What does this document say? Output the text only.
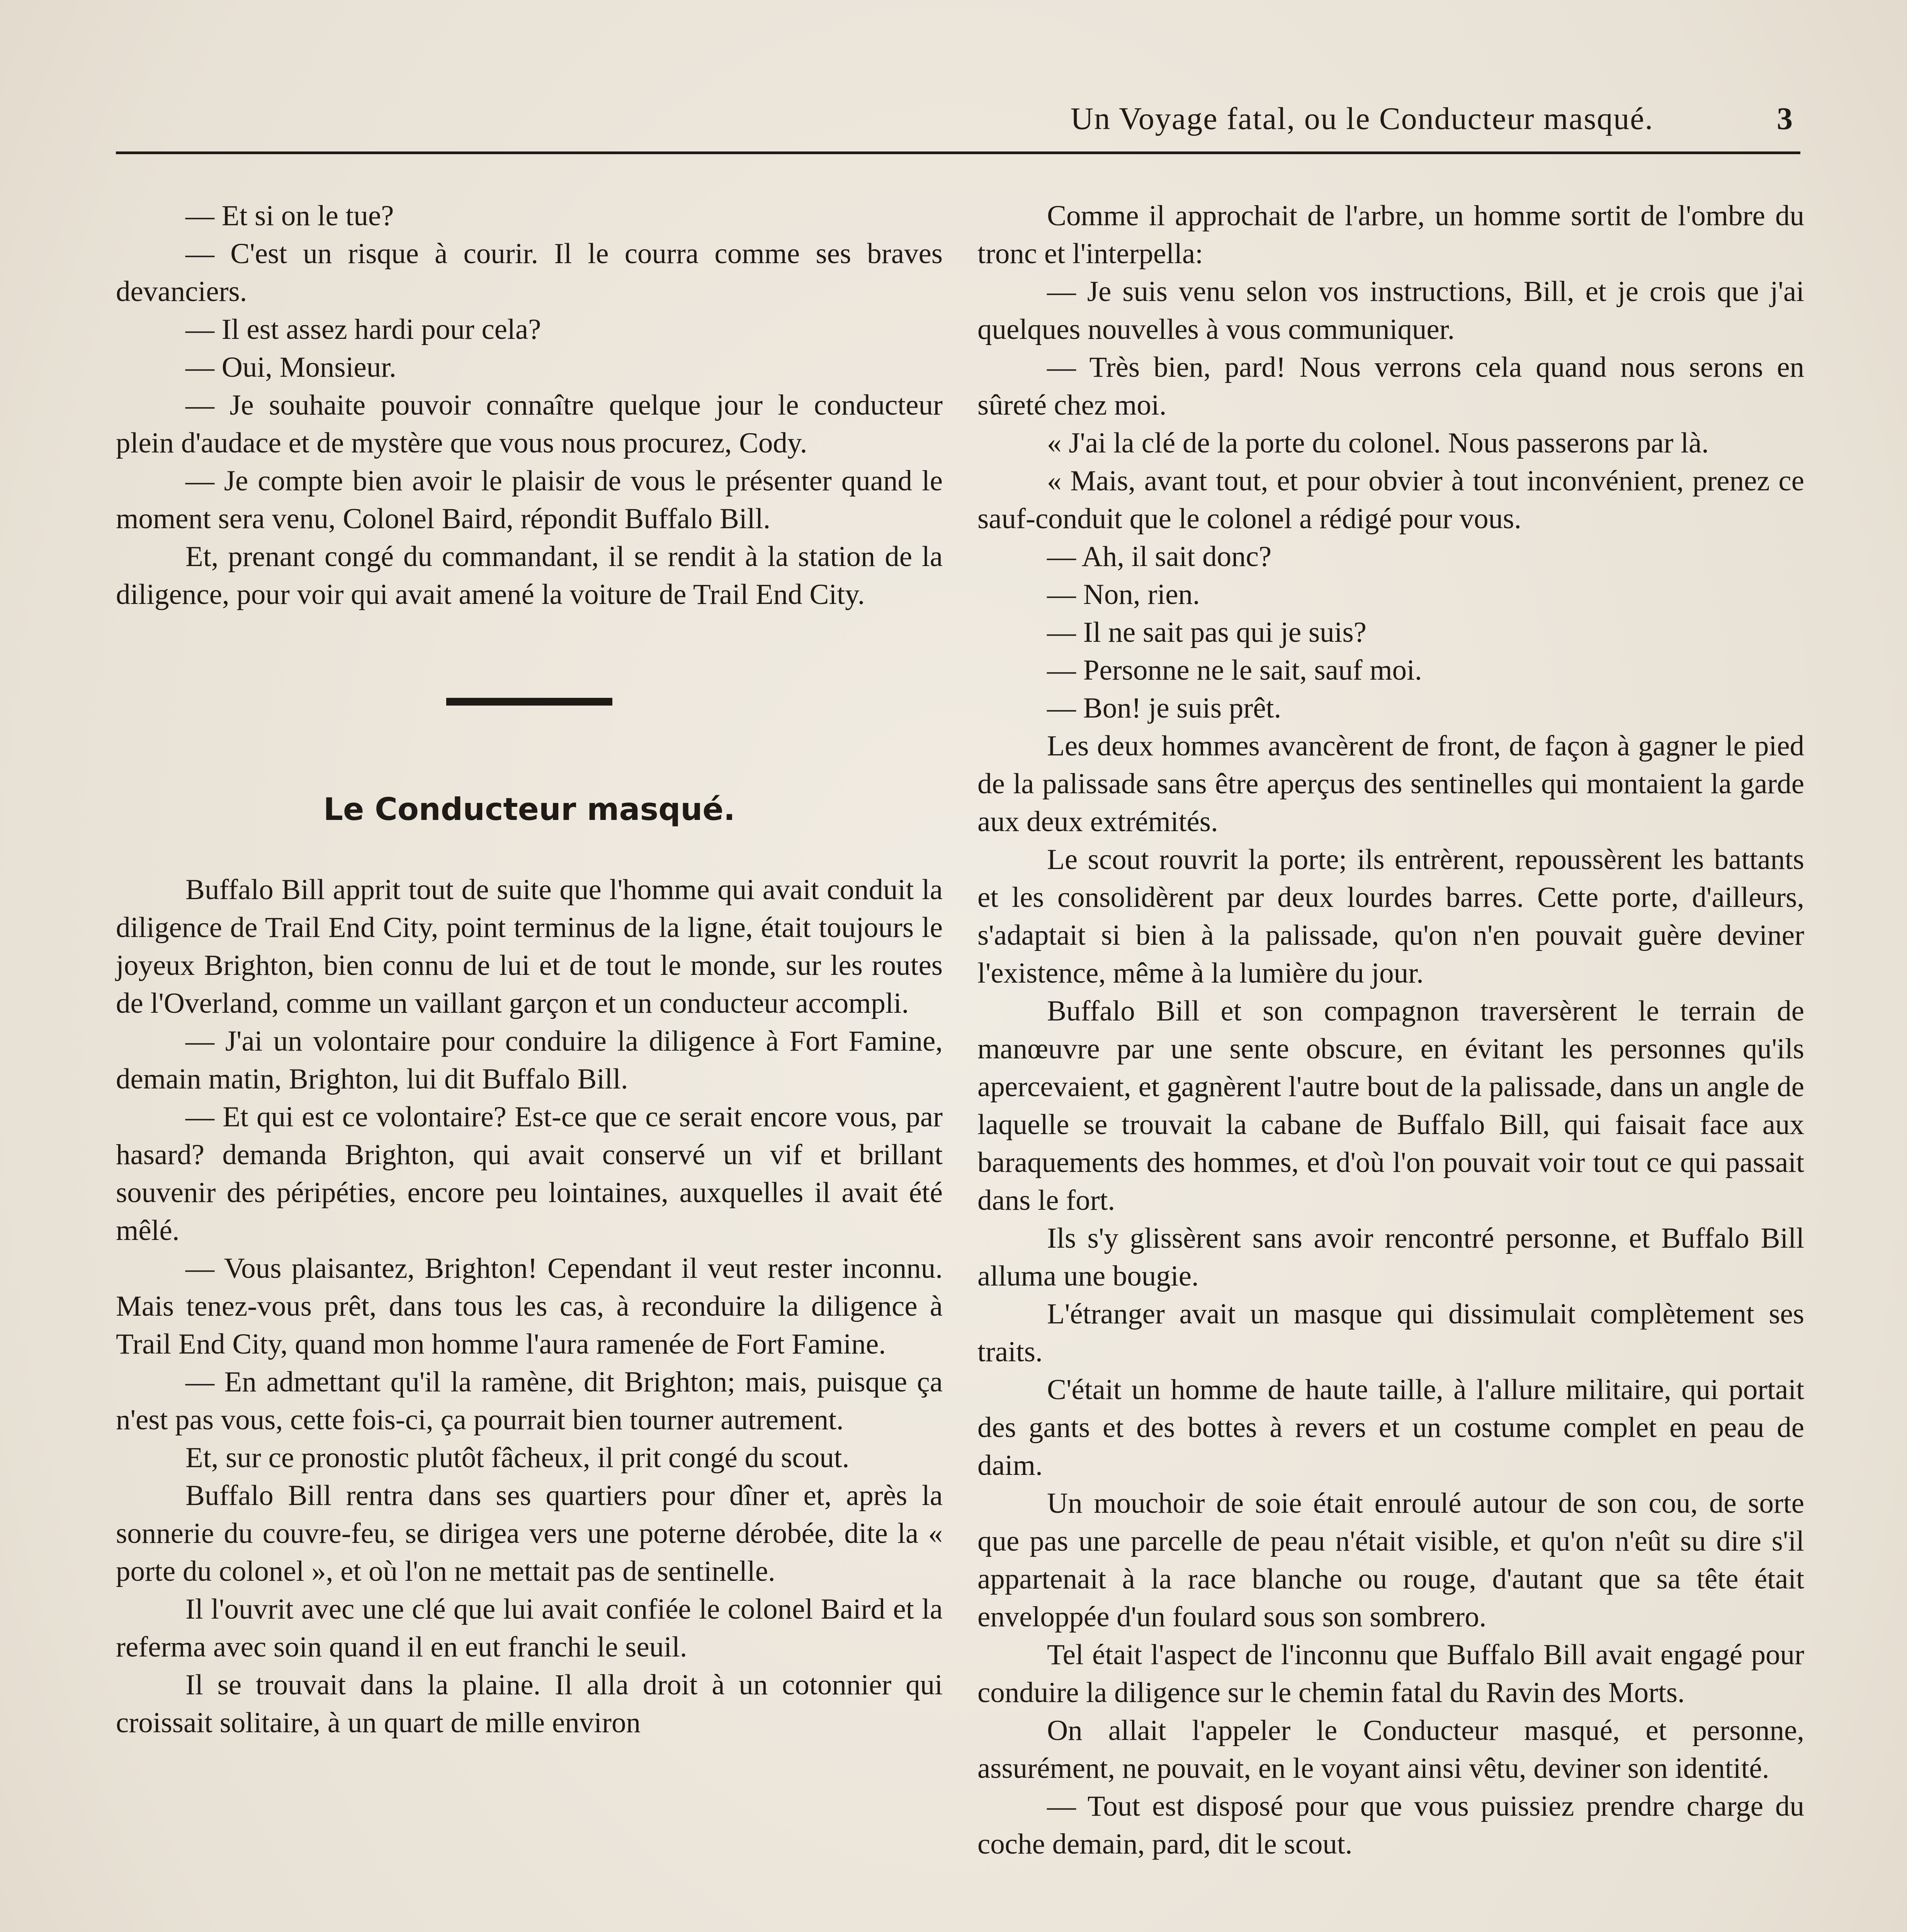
Un Voyage fatal, ou le Conducteur masqué.	3

— Et si on le tue?

— C'est un risque à courir. Il le courra comme ses braves devanciers.

— Il est assez hardi pour cela?

— Oui, Monsieur.

— Je souhaite pouvoir connaître quelque jour le conducteur plein d'audace et de mystère que vous nous procurez, Cody.

— Je compte bien avoir le plaisir de vous le présenter quand le moment sera venu, Colonel Baird, répondit Buffalo Bill.

Et, prenant congé du commandant, il se rendit à la station de la diligence, pour voir qui avait amené la voiture de Trail End City.

Le Conducteur masqué.

Buffalo Bill apprit tout de suite que l'homme qui avait conduit la diligence de Trail End City, point terminus de la ligne, était toujours le joyeux Brighton, bien connu de lui et de tout le monde, sur les routes de l'Overland, comme un vaillant garçon et un conducteur accompli.

— J'ai un volontaire pour conduire la diligence à Fort Famine, demain matin, Brighton, lui dit Buffalo Bill.

— Et qui est ce volontaire? Est-ce que ce serait encore vous, par hasard? demanda Brighton, qui avait conservé un vif et brillant souvenir des péripéties, encore peu lointaines, auxquelles il avait été mêlé.

— Vous plaisantez, Brighton! Cependant il veut rester inconnu. Mais tenez-vous prêt, dans tous les cas, à reconduire la diligence à Trail End City, quand mon homme l'aura ramenée de Fort Famine.

— En admettant qu'il la ramène, dit Brighton; mais, puisque ça n'est pas vous, cette fois-ci, ça pourrait bien tourner autrement.

Et, sur ce pronostic plutôt fâcheux, il prit congé du scout.

Buffalo Bill rentra dans ses quartiers pour dîner et, après la sonnerie du couvre-feu, se dirigea vers une poterne dérobée, dite la « porte du colonel », et où l'on ne mettait pas de sentinelle.

Il l'ouvrit avec une clé que lui avait confiée le colonel Baird et la referma avec soin quand il en eut franchi le seuil.

Il se trouvait dans la plaine. Il alla droit à un cotonnier qui croissait solitaire, à un quart de mille environ

Comme il approchait de l'arbre, un homme sortit de l'ombre du tronc et l'interpella:

— Je suis venu selon vos instructions, Bill, et je crois que j'ai quelques nouvelles à vous communiquer.

— Très bien, pard! Nous verrons cela quand nous serons en sûreté chez moi.

« J'ai la clé de la porte du colonel. Nous passerons par là.

« Mais, avant tout, et pour obvier à tout inconvénient, prenez ce sauf-conduit que le colonel a rédigé pour vous.

— Ah, il sait donc?

— Non, rien.

— Il ne sait pas qui je suis?

— Personne ne le sait, sauf moi.

— Bon! je suis prêt.

Les deux hommes avancèrent de front, de façon à gagner le pied de la palissade sans être aperçus des sentinelles qui montaient la garde aux deux extrémités.

Le scout rouvrit la porte; ils entrèrent, repoussèrent les battants et les consolidèrent par deux lourdes barres. Cette porte, d'ailleurs, s'adaptait si bien à la palissade, qu'on n'en pouvait guère deviner l'existence, même à la lumière du jour.

Buffalo Bill et son compagnon traversèrent le terrain de manœuvre par une sente obscure, en évitant les personnes qu'ils apercevaient, et gagnèrent l'autre bout de la palissade, dans un angle de laquelle se trouvait la cabane de Buffalo Bill, qui faisait face aux baraquements des hommes, et d'où l'on pouvait voir tout ce qui passait dans le fort.

Ils s'y glissèrent sans avoir rencontré personne, et Buffalo Bill alluma une bougie.

L'étranger avait un masque qui dissimulait complètement ses traits.

C'était un homme de haute taille, à l'allure militaire, qui portait des gants et des bottes à revers et un costume complet en peau de daim.

Un mouchoir de soie était enroulé autour de son cou, de sorte que pas une parcelle de peau n'était visible, et qu'on n'eût su dire s'il appartenait à la race blanche ou rouge, d'autant que sa tête était enveloppée d'un foulard sous son sombrero.

Tel était l'aspect de l'inconnu que Buffalo Bill avait engagé pour conduire la diligence sur le chemin fatal du Ravin des Morts.

On allait l'appeler le Conducteur masqué, et personne, assurément, ne pouvait, en le voyant ainsi vêtu, deviner son identité.

— Tout est disposé pour que vous puissiez prendre charge du coche demain, pard, dit le scout.
